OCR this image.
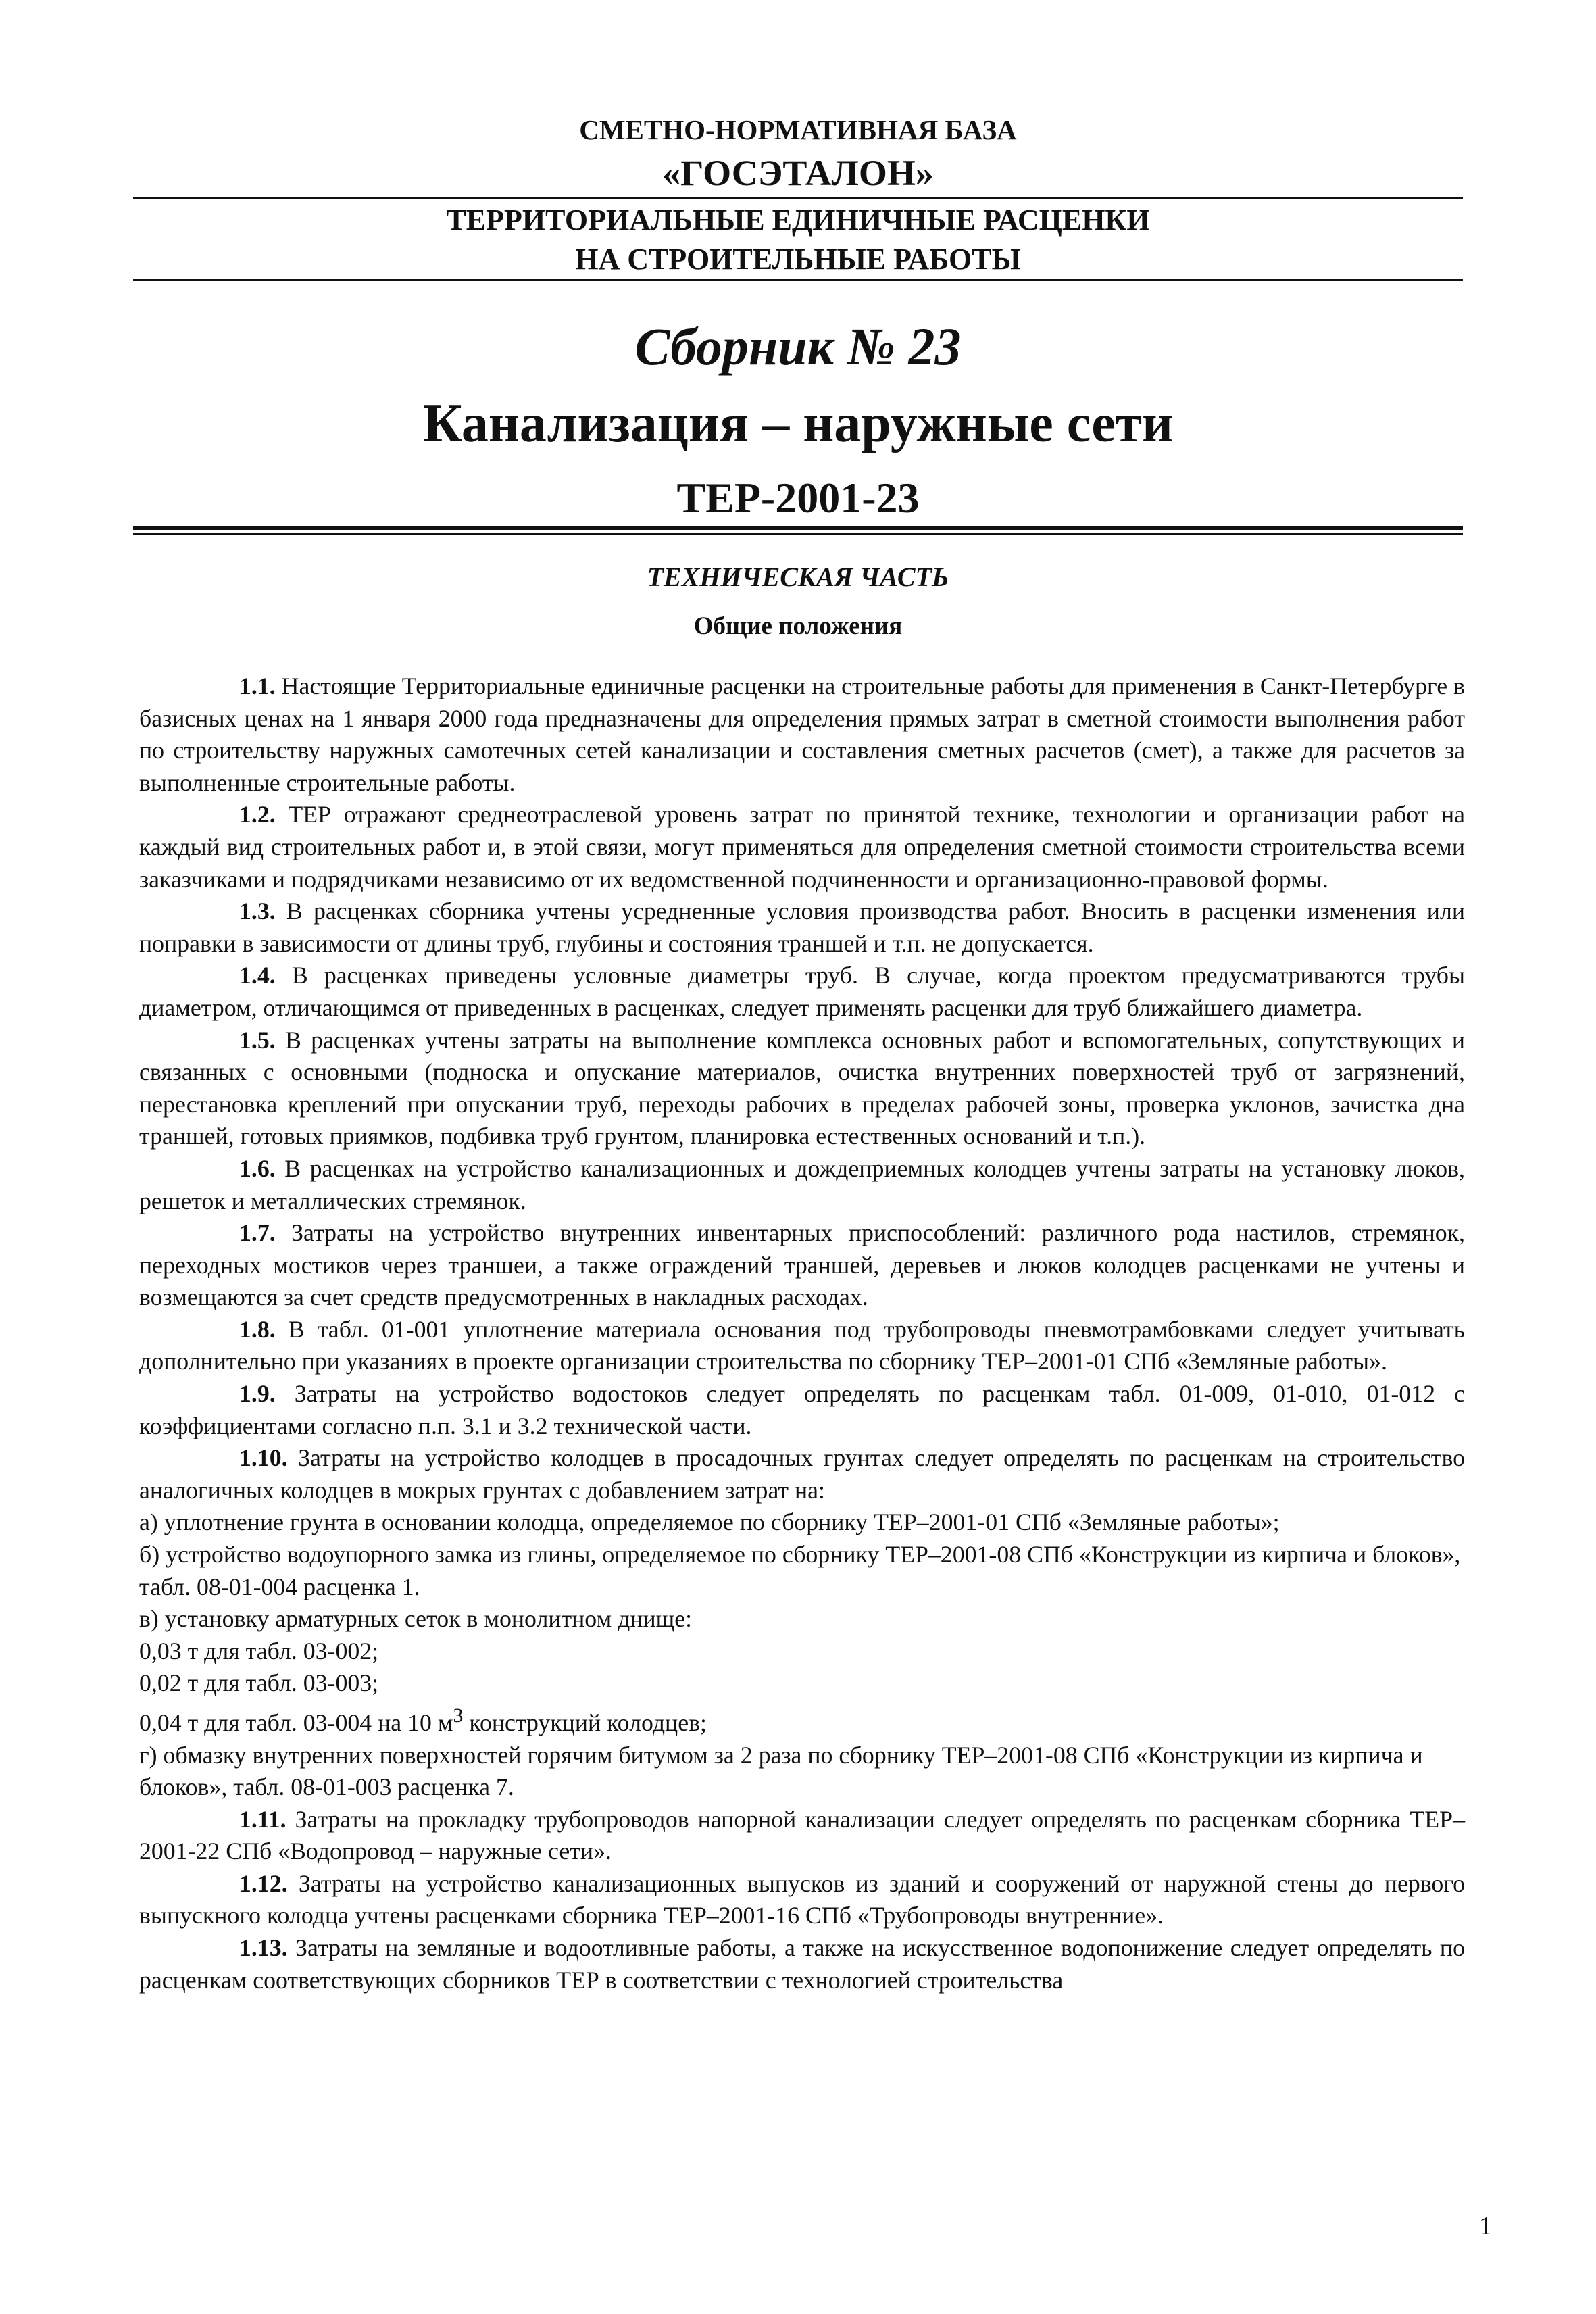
СМЕТНО-НОРМАТИВНАЯ БАЗА
«ГОСЭТАЛОН»
ТЕРРИТОРИАЛЬНЫЕ ЕДИНИЧНЫЕ РАСЦЕНКИ
НА СТРОИТЕЛЬНЫЕ РАБОТЫ
Сборник № 23
Канализация – наружные сети
ТЕР-2001-23
ТЕХНИЧЕСКАЯ ЧАСТЬ
Общие положения

1.1. Настоящие Территориальные единичные расценки на строительные работы для применения в Санкт-Петербурге в базисных ценах на 1 января 2000 года предназначены для определения прямых затрат в сметной стоимости выполнения работ по строительству наружных самотечных сетей канализации и составления сметных расчетов (смет), а также для расчетов за выполненные строительные работы.

1.2. ТЕР отражают среднеотраслевой уровень затрат по принятой технике, технологии и организации работ на каждый вид строительных работ и, в этой связи, могут применяться для определения сметной стоимости строительства всеми заказчиками и подрядчиками независимо от их ведомственной подчиненности и организационно-правовой формы.

1.3. В расценках сборника учтены усредненные условия производства работ. Вносить в расценки изменения или поправки в зависимости от длины труб, глубины и состояния траншей и т.п. не допускается.

1.4. В расценках приведены условные диаметры труб. В случае, когда проектом предусматриваются трубы диаметром, отличающимся от приведенных в расценках, следует применять расценки для труб ближайшего диаметра.

1.5. В расценках учтены затраты на выполнение комплекса основных работ и вспомогательных, сопутствующих и связанных с основными (подноска и опускание материалов, очистка внутренних поверхностей труб от загрязнений, перестановка креплений при опускании труб, переходы рабочих в пределах рабочей зоны, проверка уклонов, зачистка дна траншей, готовых приямков, подбивка труб грунтом, планировка естественных оснований и т.п.).

1.6. В расценках на устройство канализационных и дождеприемных колодцев учтены затраты на установку люков, решеток и металлических стремянок.

1.7. Затраты на устройство внутренних инвентарных приспособлений: различного рода настилов, стремянок, переходных мостиков через траншеи, а также ограждений траншей, деревьев и люков колодцев расценками не учтены и возмещаются за счет средств предусмотренных в накладных расходах.

1.8. В табл. 01-001 уплотнение материала основания под трубопроводы пневмотрамбовками следует учитывать дополнительно при указаниях в проекте организации строительства по сборнику ТЕР–2001-01 СПб «Земляные работы».

1.9. Затраты на устройство водостоков следует определять по расценкам табл. 01-009, 01-010, 01-012 с коэффициентами согласно п.п. 3.1 и 3.2 технической части.

1.10. Затраты на устройство колодцев в просадочных грунтах следует определять по расценкам на строительство аналогичных колодцев в мокрых грунтах с добавлением затрат на:

а) уплотнение грунта в основании колодца, определяемое по сборнику ТЕР–2001-01 СПб «Земляные работы»;

б) устройство водоупорного замка из глины, определяемое по сборнику ТЕР–2001-08 СПб «Конструкции из кирпича и блоков», табл. 08-01-004 расценка 1.

в) установку арматурных сеток в монолитном днище:

0,03 т для табл. 03-002;

0,02 т для табл. 03-003;

0,04 т для табл. 03-004 на 10 $м^3$ конструкций колодцев;

г) обмазку внутренних поверхностей горячим битумом за 2 раза по сборнику ТЕР–2001-08 СПб «Конструкции из кирпича и блоков», табл. 08-01-003 расценка 7.

1.11. Затраты на прокладку трубопроводов напорной канализации следует определять по расценкам сборника ТЕР–2001-22 СПб «Водопровод – наружные сети».

1.12. Затраты на устройство канализационных выпусков из зданий и сооружений от наружной стены до первого выпускного колодца учтены расценками сборника ТЕР–2001-16 СПб «Трубопроводы внутренние».

1.13. Затраты на земляные и водоотливные работы, а также на искусственное водопонижение следует определять по расценкам соответствующих сборников ТЕР в соответствии с технологией строительства

1
